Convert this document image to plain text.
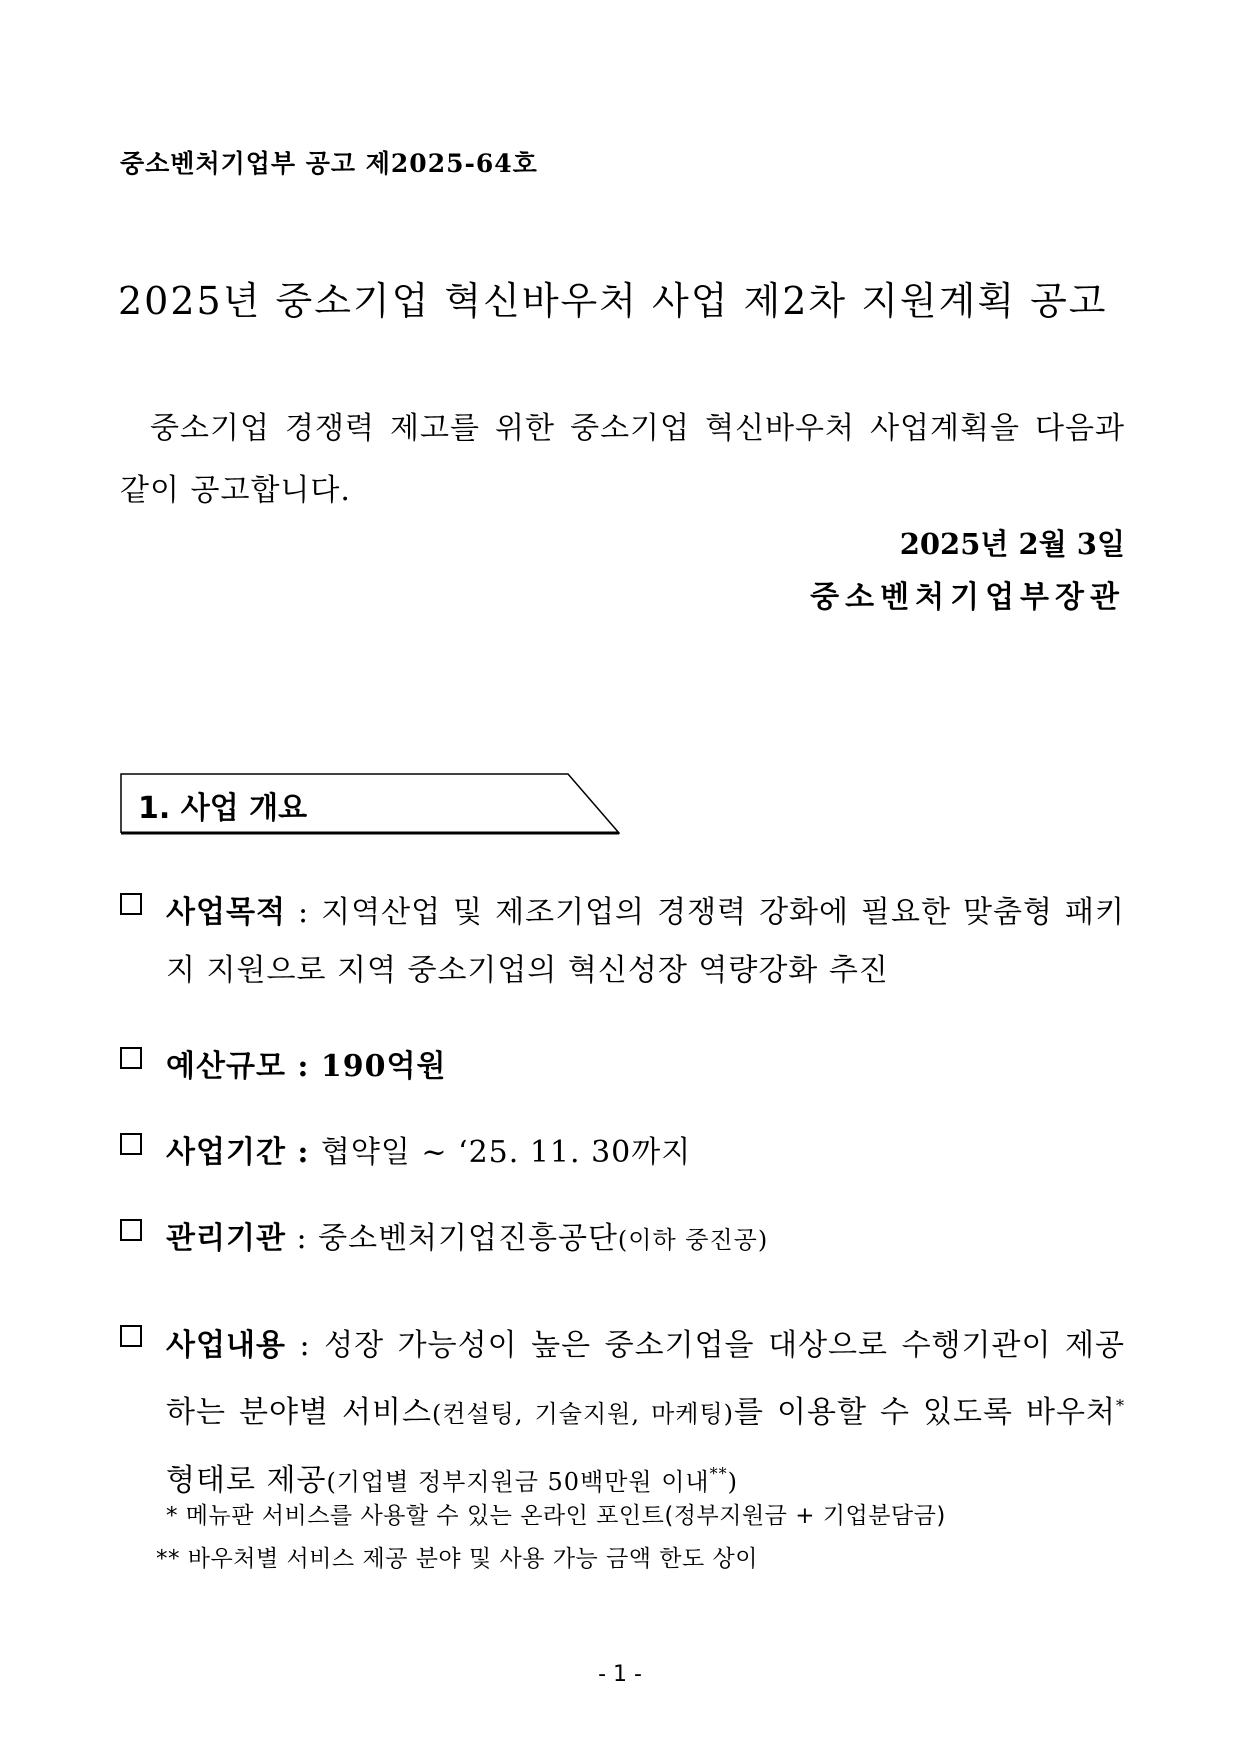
중소벤처기업부 공고 제2025-64호
2025년 중소기업 혁신바우처 사업 제2차 지원계획 공고
중소기업 경쟁력 제고를 위한 중소기업 혁신바우처 사업계획을 다음과 같이 공고합니다.
2025년 2월 3일
중소벤처기업부장관
1. 사업 개요
사업목적 : 지역산업 및 제조기업의 경쟁력 강화에 필요한 맞춤형 패키지 지원으로 지역 중소기업의 혁신성장 역량강화 추진
예산규모 : 190억원
사업기간 : 협약일 ~ ‘25. 11. 30까지
관리기관 : 중소벤처기업진흥공단(이하 중진공)
사업내용 : 성장 가능성이 높은 중소기업을 대상으로 수행기관이 제공하는 분야별 서비스(컨설팅, 기술지원, 마케팅)를 이용할 수 있도록 바우처* 형태로 제공(기업별 정부지원금 50백만원 이내**)
* 메뉴판 서비스를 사용할 수 있는 온라인 포인트(정부지원금 + 기업분담금)
** 바우처별 서비스 제공 분야 및 사용 가능 금액 한도 상이
- 1 -
